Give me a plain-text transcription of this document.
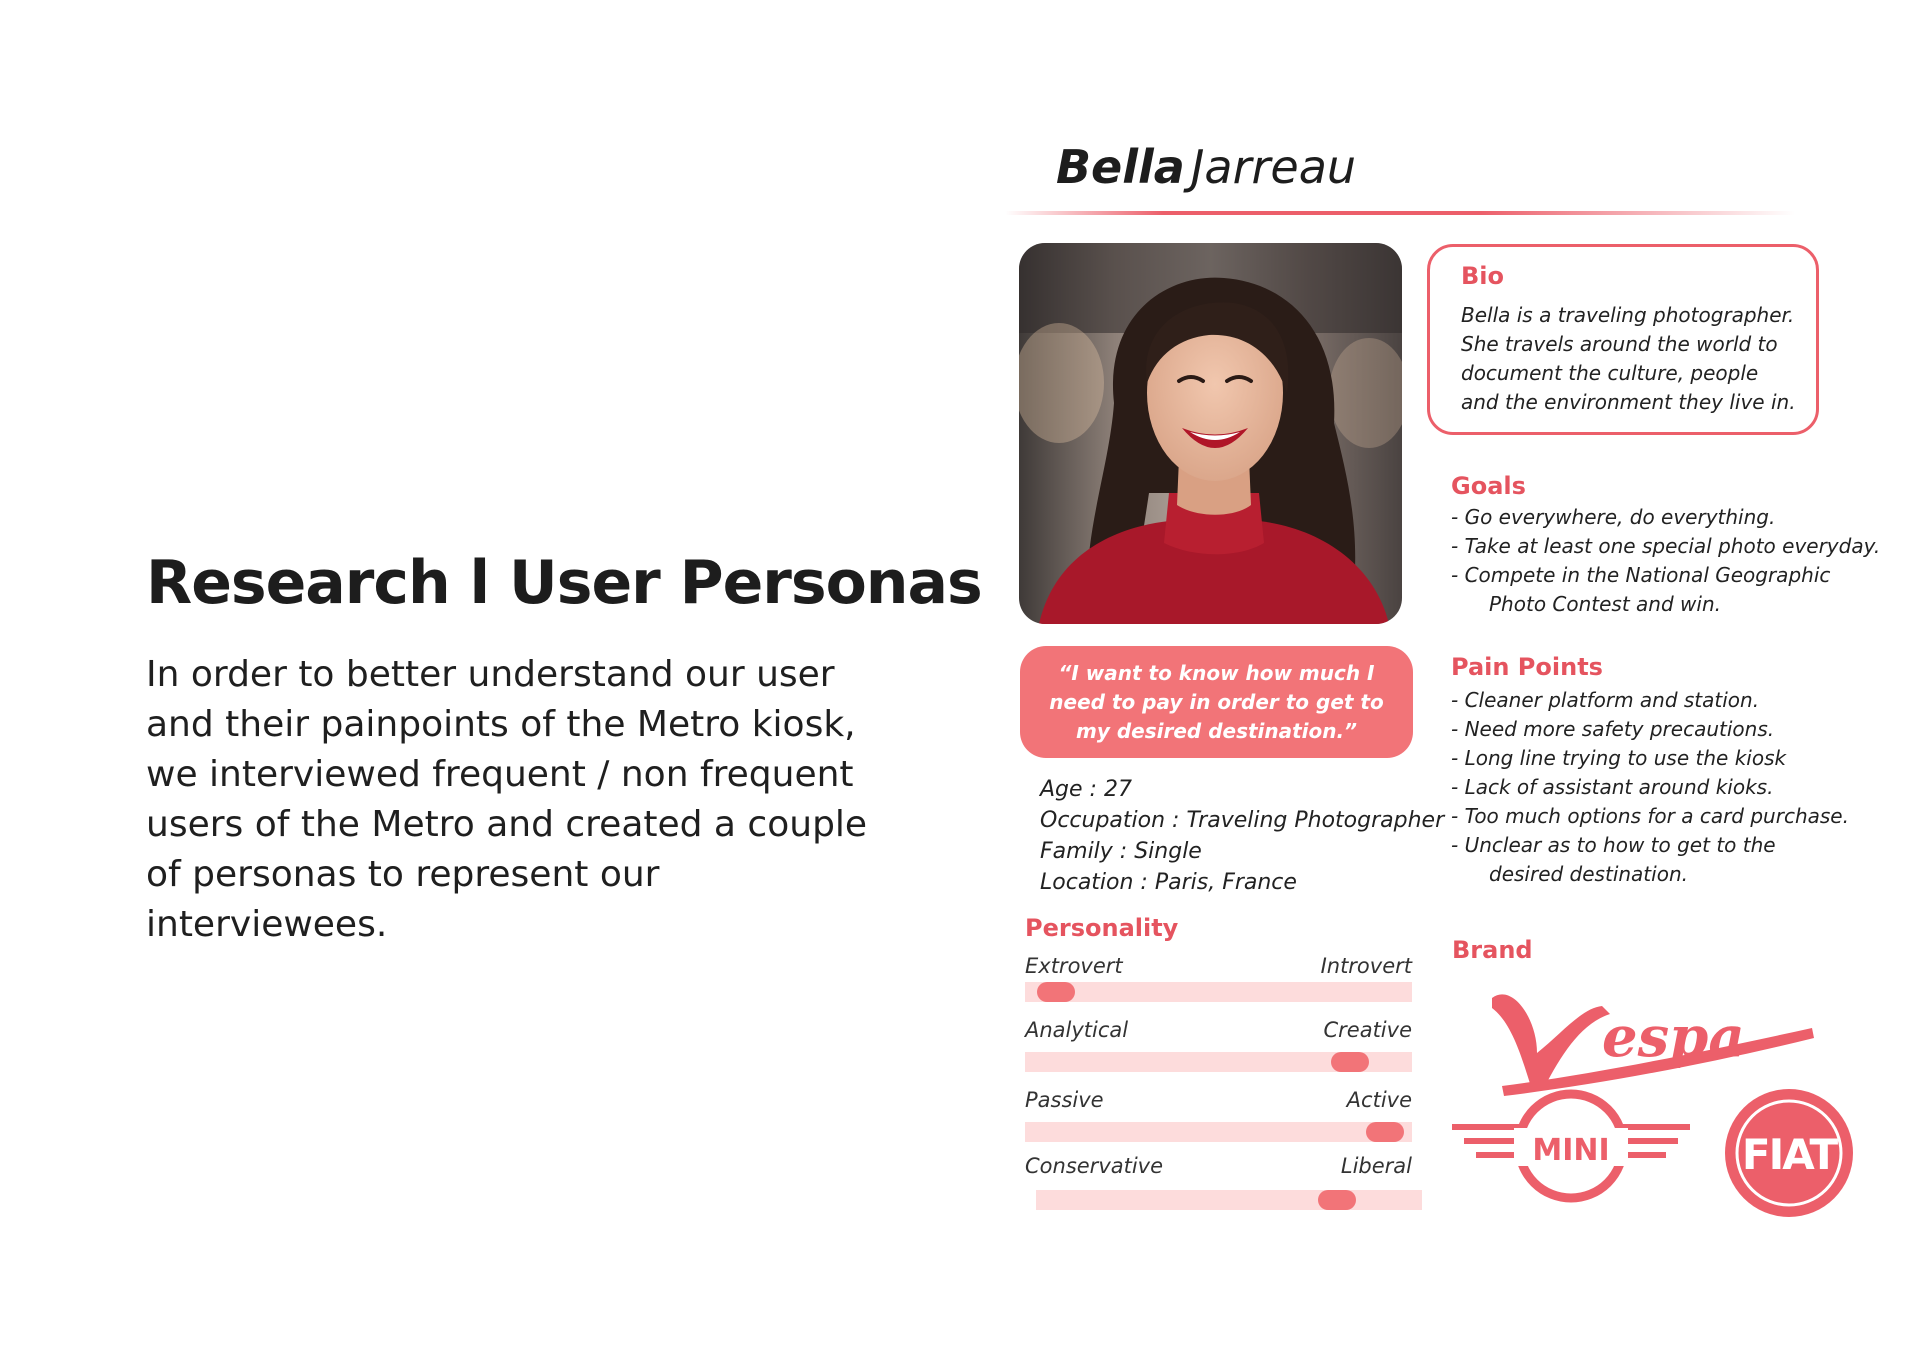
Research l User Personas

In order to better understand our user and their painpoints of the Metro kiosk, we interviewed frequent / non frequent users of the Metro and created a couple of personas to represent our interviewees.

Bella Jarreau

“I want to know how much I need to pay in order to get to my desired destination.”

Age : 27
Occupation : Traveling Photographer
Family : Single
Location : Paris, France
Personality
Extrovert	Introvert
Analytical	Creative
Passive	Active
Conservative	Liberal
Bio

Bella is a traveling photographer. She travels around the world to document the culture, people and the environment they live in.

Goals
- Go everywhere, do everything.
- Take at least one special photo everyday.
- Compete in the National Geographic
Photo Contest and win.
Pain Points
- Cleaner platform and station.
- Need more safety precautions.
- Long line trying to use the kiosk
- Lack of assistant around kioks.
- Too much options for a card purchase.
- Unclear as to how to get to the
desired destination.
Brand
espa
MINI	FIAT
